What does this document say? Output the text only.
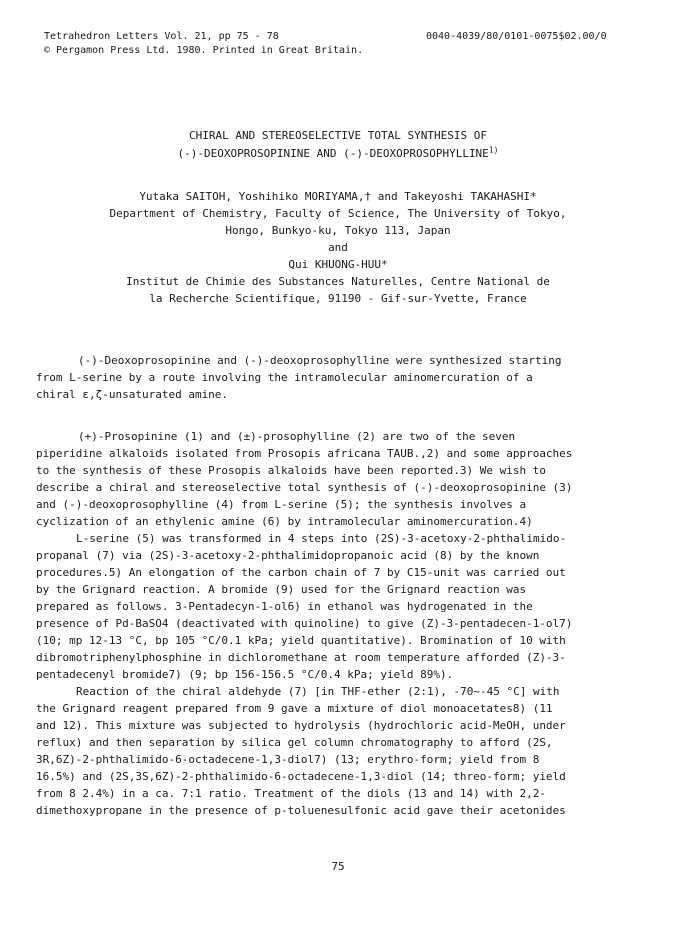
Tetrahedron Letters Vol. 21, pp 75 - 78
© Pergamon Press Ltd. 1980. Printed in Great Britain.
0040-4039/80/0101-0075$02.00/0
CHIRAL AND STEREOSELECTIVE TOTAL SYNTHESIS OF
(-)-DEOXOPROSOPININE AND (-)-DEOXOPROSOPHYLLINE$^{1)}$
Yutaka SAITOH, Yoshihiko MORIYAMA,† and Takeyoshi TAKAHASHI*
Department of Chemistry, Faculty of Science, The University of Tokyo,
Hongo, Bunkyo-ku, Tokyo 113, Japan
and
Qui KHUONG-HUU*
Institut de Chimie des Substances Naturelles, Centre National de
la Recherche Scientifique, 91190 - Gif-sur-Yvette, France
(-)-Deoxoprosopinine and (-)-deoxoprosophylline were synthesized starting
from L-serine by a route involving the intramolecular aminomercuration of a
chiral ε,ζ-unsaturated amine.
(+)-Prosopinine (1) and (±)-prosophylline (2) are two of the seven
piperidine alkaloids isolated from Prosopis africana TAUB.,2) and some approaches
to the synthesis of these Prosopis alkaloids have been reported.3) We wish to
describe a chiral and stereoselective total synthesis of (-)-deoxoprosopinine (3)
and (-)-deoxoprosophylline (4) from L-serine (5); the synthesis involves a
cyclization of an ethylenic amine (6) by intramolecular aminomercuration.4)
L-serine (5) was transformed in 4 steps into (2S)-3-acetoxy-2-phthalimido-
propanal (7) via (2S)-3-acetoxy-2-phthalimidopropanoic acid (8) by the known
procedures.5) An elongation of the carbon chain of 7 by C15-unit was carried out
by the Grignard reaction. A bromide (9) used for the Grignard reaction was
prepared as follows. 3-Pentadecyn-1-ol6) in ethanol was hydrogenated in the
presence of Pd-BaSO4 (deactivated with quinoline) to give (Z)-3-pentadecen-1-ol7)
(10; mp 12-13 °C, bp 105 °C/0.1 kPa; yield quantitative). Bromination of 10 with
dibromotriphenylphosphine in dichloromethane at room temperature afforded (Z)-3-
pentadecenyl bromide7) (9; bp 156-156.5 °C/0.4 kPa; yield 89%).
Reaction of the chiral aldehyde (7) [in THF-ether (2:1), -70~-45 °C] with
the Grignard reagent prepared from 9 gave a mixture of diol monoacetates8) (11
and 12). This mixture was subjected to hydrolysis (hydrochloric acid-MeOH, under
reflux) and then separation by silica gel column chromatography to afford (2S,
3R,6Z)-2-phthalimido-6-octadecene-1,3-diol7) (13; erythro-form; yield from 8
16.5%) and (2S,3S,6Z)-2-phthalimido-6-octadecene-1,3-diol (14; threo-form; yield
from 8 2.4%) in a ca. 7:1 ratio. Treatment of the diols (13 and 14) with 2,2-
dimethoxypropane in the presence of p-toluenesulfonic acid gave their acetonides
75
